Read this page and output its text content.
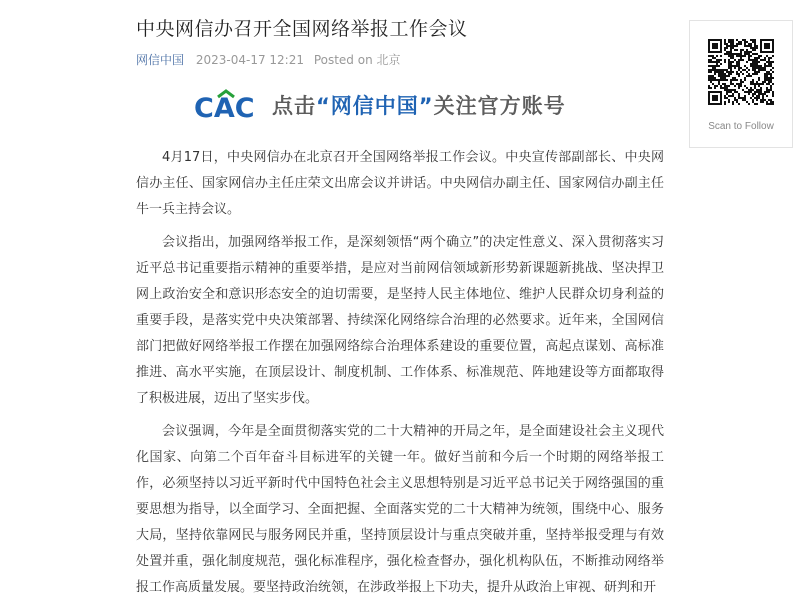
中央网信办召开全国网络举报工作会议
网信中国 2023-04-17 12:21 Posted on 北京
CAC 点击“网信中国”关注官方账号

4月17日，中央网信办在北京召开全国网络举报工作会议。中央宣传部副部长、中央网信办主任、国家网信办主任庄荣文出席会议并讲话。中央网信办副主任、国家网信办副主任牛一兵主持会议。

会议指出，加强网络举报工作，是深刻领悟“两个确立”的决定性意义、深入贯彻落实习近平总书记重要指示精神的重要举措，是应对当前网信领域新形势新课题新挑战、坚决捍卫网上政治安全和意识形态安全的迫切需要，是坚持人民主体地位、维护人民群众切身利益的重要手段，是落实党中央决策部署、持续深化网络综合治理的必然要求。近年来，全国网信部门把做好网络举报工作摆在加强网络综合治理体系建设的重要位置，高起点谋划、高标准推进、高水平实施，在顶层设计、制度机制、工作体系、标准规范、阵地建设等方面都取得了积极进展，迈出了坚实步伐。

会议强调，今年是全面贯彻落实党的二十大精神的开局之年，是全面建设社会主义现代化国家、向第二个百年奋斗目标进军的关键一年。做好当前和今后一个时期的网络举报工作，必须坚持以习近平新时代中国特色社会主义思想特别是习近平总书记关于网络强国的重要思想为指导，以全面学习、全面把握、全面落实党的二十大精神为统领，围绕中心、服务大局，坚持依靠网民与服务网民并重，坚持顶层设计与重点突破并重，坚持举报受理与有效处置并重，强化制度规范，强化标准程序，强化检查督办，强化机构队伍，不断推动网络举报工作高质量发展。要坚持政治统领，在涉政举报上下功夫，提升从政治上审视、研判和开

Scan to Follow
